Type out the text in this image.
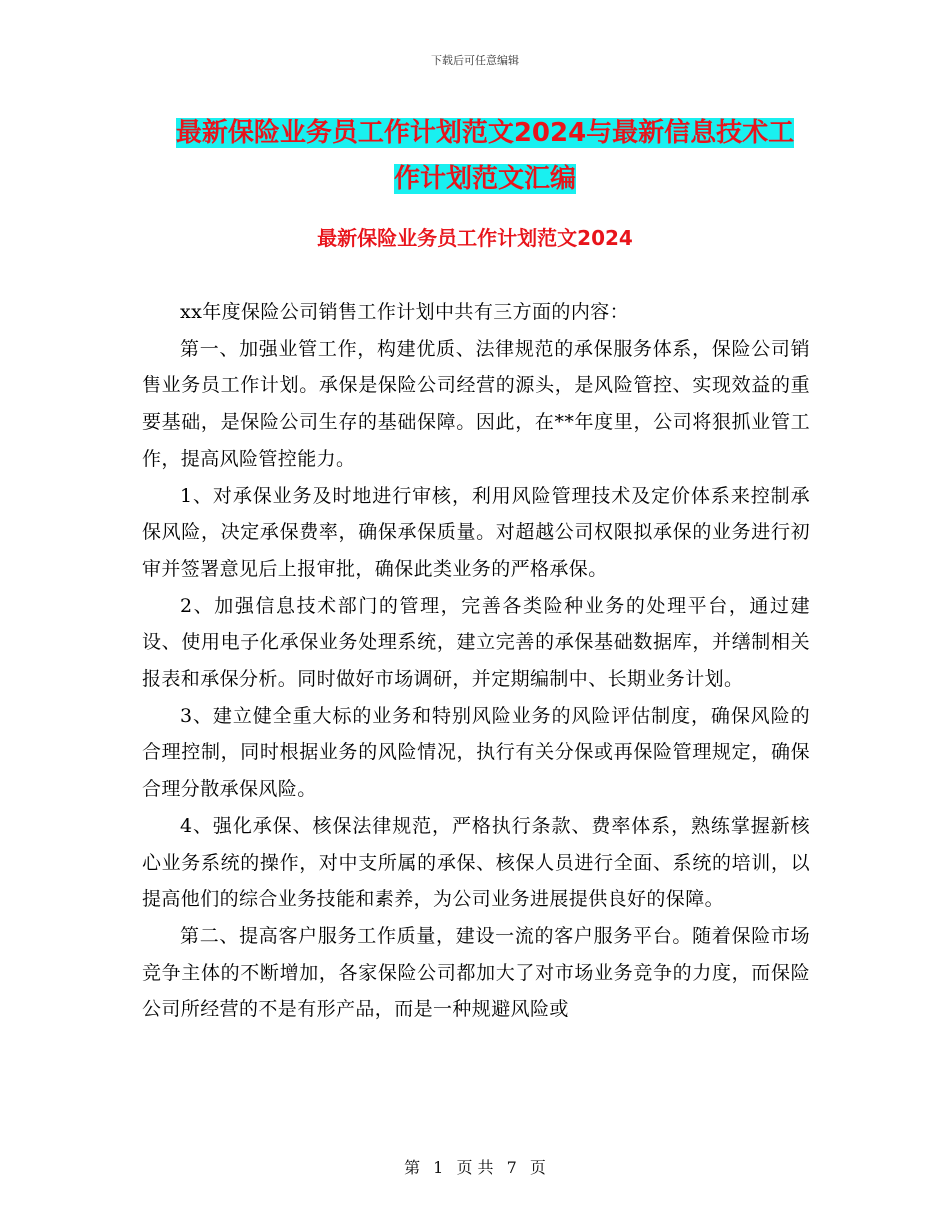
下载后可任意编辑
最新保险业务员工作计划范文2024与最新信息技术工
作计划范文汇编
最新保险业务员工作计划范文2024

xx年度保险公司销售工作计划中共有三方面的内容：

第一、加强业管工作，构建优质、法律规范的承保服务体系，保险公司销售业务员工作计划。承保是保险公司经营的源头，是风险管控、实现效益的重要基础，是保险公司生存的基础保障。因此，在**年度里，公司将狠抓业管工作，提高风险管控能力。

1、对承保业务及时地进行审核，利用风险管理技术及定价体系来控制承保风险，决定承保费率，确保承保质量。对超越公司权限拟承保的业务进行初审并签署意见后上报审批，确保此类业务的严格承保。

2、加强信息技术部门的管理，完善各类险种业务的处理平台，通过建设、使用电子化承保业务处理系统，建立完善的承保基础数据库，并缮制相关报表和承保分析。同时做好市场调研，并定期编制中、长期业务计划。

3、建立健全重大标的业务和特别风险业务的风险评估制度，确保风险的合理控制，同时根据业务的风险情况，执行有关分保或再保险管理规定，确保合理分散承保风险。

4、强化承保、核保法律规范，严格执行条款、费率体系，熟练掌握新核心业务系统的操作，对中支所属的承保、核保人员进行全面、系统的培训，以提高他们的综合业务技能和素养，为公司业务进展提供良好的保障。

第二、提高客户服务工作质量，建设一流的客户服务平台。随着保险市场竞争主体的不断增加，各家保险公司都加大了对市场业务竞争的力度，而保险公司所经营的不是有形产品，而是一种规避风险或

第 1 页 共 7 页
